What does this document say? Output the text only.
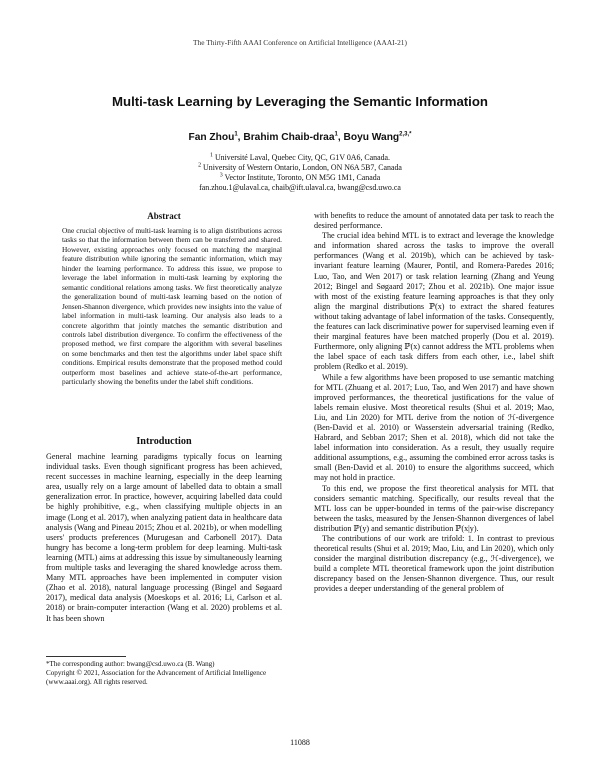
The Thirty-Fifth AAAI Conference on Artificial Intelligence (AAAI-21)
Multi-task Learning by Leveraging the Semantic Information
Fan Zhou$^1$, Brahim Chaib-draa$^1$, Boyu Wang$^{2,3,*}$
$^1$ Université Laval, Quebec City, QC, G1V 0A6, Canada.
$^2$ University of Western Ontario, London, ON N6A 5B7, Canada
$^3$ Vector Institute, Toronto, ON M5G 1M1, Canada
fan.zhou.1@ulaval.ca, chaib@ift.ulaval.ca, bwang@csd.uwo.ca
Abstract
One crucial objective of multi-task learning is to align distributions across tasks so that the information between them can be transferred and shared. However, existing approaches only focused on matching the marginal feature distribution while ignoring the semantic information, which may hinder the learning performance. To address this issue, we propose to leverage the label information in multi-task learning by exploring the semantic conditional relations among tasks. We first theoretically analyze the generalization bound of multi-task learning based on the notion of Jensen-Shannon divergence, which provides new insights into the value of label information in multi-task learning. Our analysis also leads to a concrete algorithm that jointly matches the semantic distribution and controls label distribution divergence. To confirm the effectiveness of the proposed method, we first compare the algorithm with several baselines on some benchmarks and then test the algorithms under label space shift conditions. Empirical results demonstrate that the proposed method could outperform most baselines and achieve state-of-the-art performance, particularly showing the benefits under the label shift conditions.
Introduction

General machine learning paradigms typically focus on learning individual tasks. Even though significant progress has been achieved, recent successes in machine learning, especially in the deep learning area, usually rely on a large amount of labelled data to obtain a small generalization error. In practice, however, acquiring labelled data could be highly prohibitive, e.g., when classifying multiple objects in an image (Long et al. 2017), when analyzing patient data in healthcare data analysis (Wang and Pineau 2015; Zhou et al. 2021b), or when modelling users' products preferences (Murugesan and Carbonell 2017). Data hungry has become a long-term problem for deep learning. Multi-task learning (MTL) aims at addressing this issue by simultaneously learning from multiple tasks and leveraging the shared knowledge across them. Many MTL approaches have been implemented in computer vision (Zhao et al. 2018), natural language processing (Bingel and Søgaard 2017), medical data analysis (Moeskops et al. 2016; Li, Carlson et al. 2018) or brain-computer interaction (Wang et al. 2020) problems et al. It has been shown

*The corresponding author: bwang@csd.uwo.ca (B. Wang)
Copyright © 2021, Association for the Advancement of Artificial Intelligence (www.aaai.org). All rights reserved.

with benefits to reduce the amount of annotated data per task to reach the desired performance.

The crucial idea behind MTL is to extract and leverage the knowledge and information shared across the tasks to improve the overall performances (Wang et al. 2019b), which can be achieved by task-invariant feature learning (Maurer, Pontil, and Romera-Paredes 2016; Luo, Tao, and Wen 2017) or task relation learning (Zhang and Yeung 2012; Bingel and Søgaard 2017; Zhou et al. 2021b). One major issue with most of the existing feature learning approaches is that they only align the marginal distributions ℙ(x) to extract the shared features without taking advantage of label information of the tasks. Consequently, the features can lack discriminative power for supervised learning even if their marginal features have been matched properly (Dou et al. 2019). Furthermore, only aligning ℙ(x) cannot address the MTL problems when the label space of each task differs from each other, i.e., label shift problem (Redko et al. 2019).

While a few algorithms have been proposed to use semantic matching for MTL (Zhuang et al. 2017; Luo, Tao, and Wen 2017) and have shown improved performances, the theoretical justifications for the value of labels remain elusive. Most theoretical results (Shui et al. 2019; Mao, Liu, and Lin 2020) for MTL derive from the notion of ℋ-divergence (Ben-David et al. 2010) or Wasserstein adversarial training (Redko, Habrard, and Sebban 2017; Shen et al. 2018), which did not take the label information into consideration. As a result, they usually require additional assumptions, e.g., assuming the combined error across tasks is small (Ben-David et al. 2010) to ensure the algorithms succeed, which may not hold in practice.

To this end, we propose the first theoretical analysis for MTL that considers semantic matching. Specifically, our results reveal that the MTL loss can be upper-bounded in terms of the pair-wise discrepancy between the tasks, measured by the Jensen-Shannon divergences of label distribution ℙ(y) and semantic distribution ℙ(x|y).

The contributions of our work are trifold: 1. In contrast to previous theoretical results (Shui et al. 2019; Mao, Liu, and Lin 2020), which only consider the marginal distribution discrepancy (e.g., ℋ-divergence), we build a complete MTL theoretical framework upon the joint distribution discrepancy based on the Jensen-Shannon divergence. Thus, our result provides a deeper understanding of the general problem of

11088
